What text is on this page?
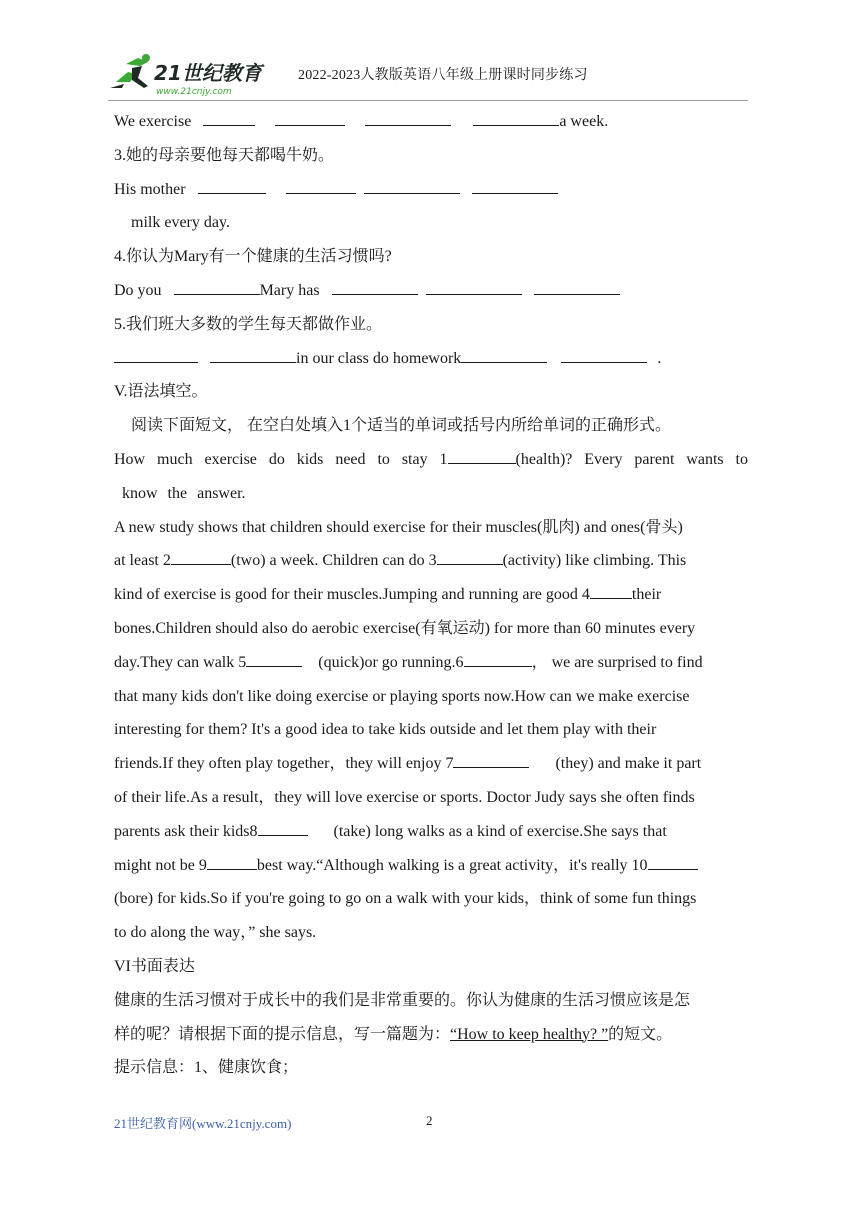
21世纪教育
www.21cnjy.com
2022-2023人教版英语八年级上册课时同步练习
We exercise	a week.
3.她的母亲要他每天都喝牛奶。
His mother
milk every day.
4.你认为Mary有一个健康的生活习惯吗?
Do you	Mary has
5.我们班大多数的学生每天都做作业。
in our class do homework	.
V.语法填空。
阅读下面短文， 在空白处填入1个适当的单词或括号内所给单词的正确形式。
How much exercise do kids need to stay 1	(health)? Every parent wants to
know the answer.
A new study shows that children should exercise for their muscles(肌肉) and ones(骨头)
at least 2	(two) a week. Children can do 3	(activity) like climbing. This
kind of exercise is good for their muscles.Jumping and running are good 4	their
bones.Children should also do aerobic exercise(有氧运动) for more than 60 minutes every
day.They can walk 5	(quick)or go running.6	， we are surprised to find
that many kids don't like doing exercise or playing sports now.How can we make exercise
interesting for them? It's a good idea to take kids outside and let them play with their
friends.If they often play together，they will enjoy 7	(they) and make it part
of their life.As a result，they will love exercise or sports. Doctor Judy says she often finds
parents ask their kids8	(take) long walks as a kind of exercise.She says that
might not be 9	best way.“Although walking is a great activity，it's really 10
(bore) for kids.So if you're going to go on a walk with your kids，think of some fun things
to do along the way，” she says.
VI书面表达
健康的生活习惯对于成长中的我们是非常重要的。你认为健康的生活习惯应该是怎
样的呢？请根据下面的提示信息，写一篇题为：“How to keep healthy? ”的短文。
提示信息：1、健康饮食；
21世纪教育网(www.21cnjy.com)	2
